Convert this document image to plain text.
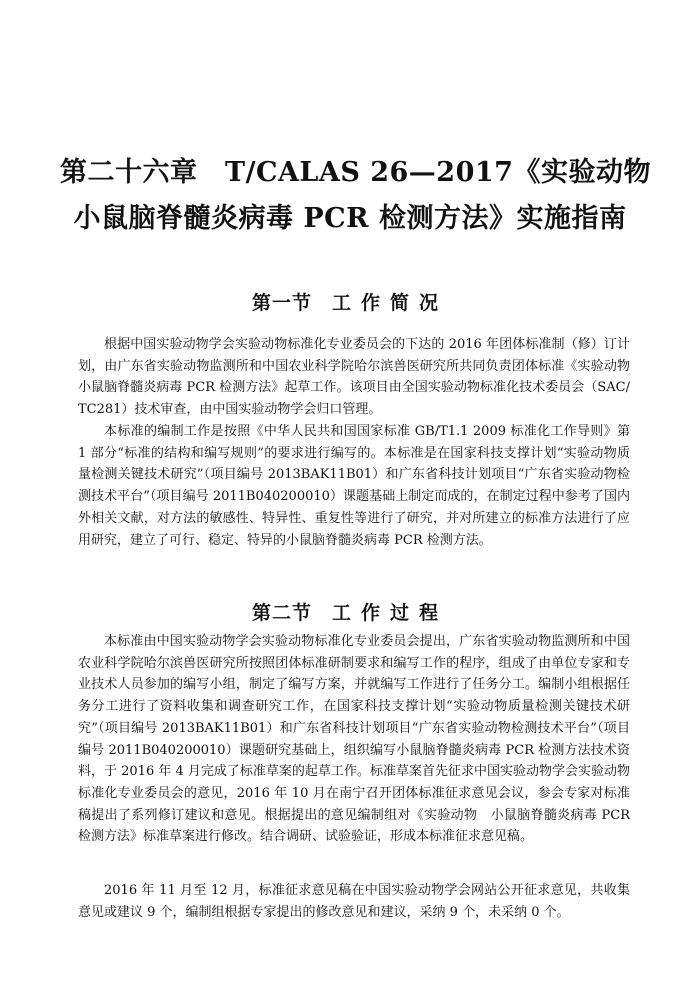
第二十六章　T/CALAS 26—2017《实验动物
小鼠脑脊髓炎病毒 PCR 检测方法》实施指南
第一节 工作简况

根据中国实验动物学会实验动物标准化专业委员会的下达的 2016 年团体标准制（修）订计划，由广东省实验动物监测所和中国农业科学院哈尔滨兽医研究所共同负责团体标准《实验动物　小鼠脑脊髓炎病毒 PCR 检测方法》起草工作。该项目由全国实验动物标准化技术委员会（SAC/TC281）技术审查，由中国实验动物学会归口管理。

本标准的编制工作是按照《中华人民共和国国家标准 GB/T1.1 2009 标准化工作导则》第 1 部分“标准的结构和编写规则”的要求进行编写的。本标准是在国家科技支撑计划“实验动物质量检测关键技术研究”（项目编号 2013BAK11B01）和广东省科技计划项目“广东省实验动物检测技术平台”（项目编号 2011B040200010）课题基础上制定而成的，在制定过程中参考了国内外相关文献，对方法的敏感性、特异性、重复性等进行了研究，并对所建立的标准方法进行了应用研究，建立了可行、稳定、特异的小鼠脑脊髓炎病毒 PCR 检测方法。

第二节 工作过程

本标准由中国实验动物学会实验动物标准化专业委员会提出，广东省实验动物监测所和中国农业科学院哈尔滨兽医研究所按照团体标准研制要求和编写工作的程序，组成了由单位专家和专业技术人员参加的编写小组，制定了编写方案，并就编写工作进行了任务分工。编制小组根据任务分工进行了资料收集和调查研究工作，在国家科技支撑计划“实验动物质量检测关键技术研究”（项目编号 2013BAK11B01）和广东省科技计划项目“广东省实验动物检测技术平台”（项目编号 2011B040200010）课题研究基础上，组织编写小鼠脑脊髓炎病毒 PCR 检测方法技术资料，于 2016 年 4 月完成了标准草案的起草工作。标准草案首先征求中国实验动物学会实验动物标准化专业委员会的意见，2016 年 10 月在南宁召开团体标准征求意见会议，参会专家对标准稿提出了系列修订建议和意见。根据提出的意见编制组对《实验动物　小鼠脑脊髓炎病毒 PCR 检测方法》标准草案进行修改。结合调研、试验验证，形成本标准征求意见稿。

2016 年 11 月至 12 月，标准征求意见稿在中国实验动物学会网站公开征求意见，共收集意见或建议 9 个，编制组根据专家提出的修改意见和建议，采纳 9 个，未采纳 0 个。
